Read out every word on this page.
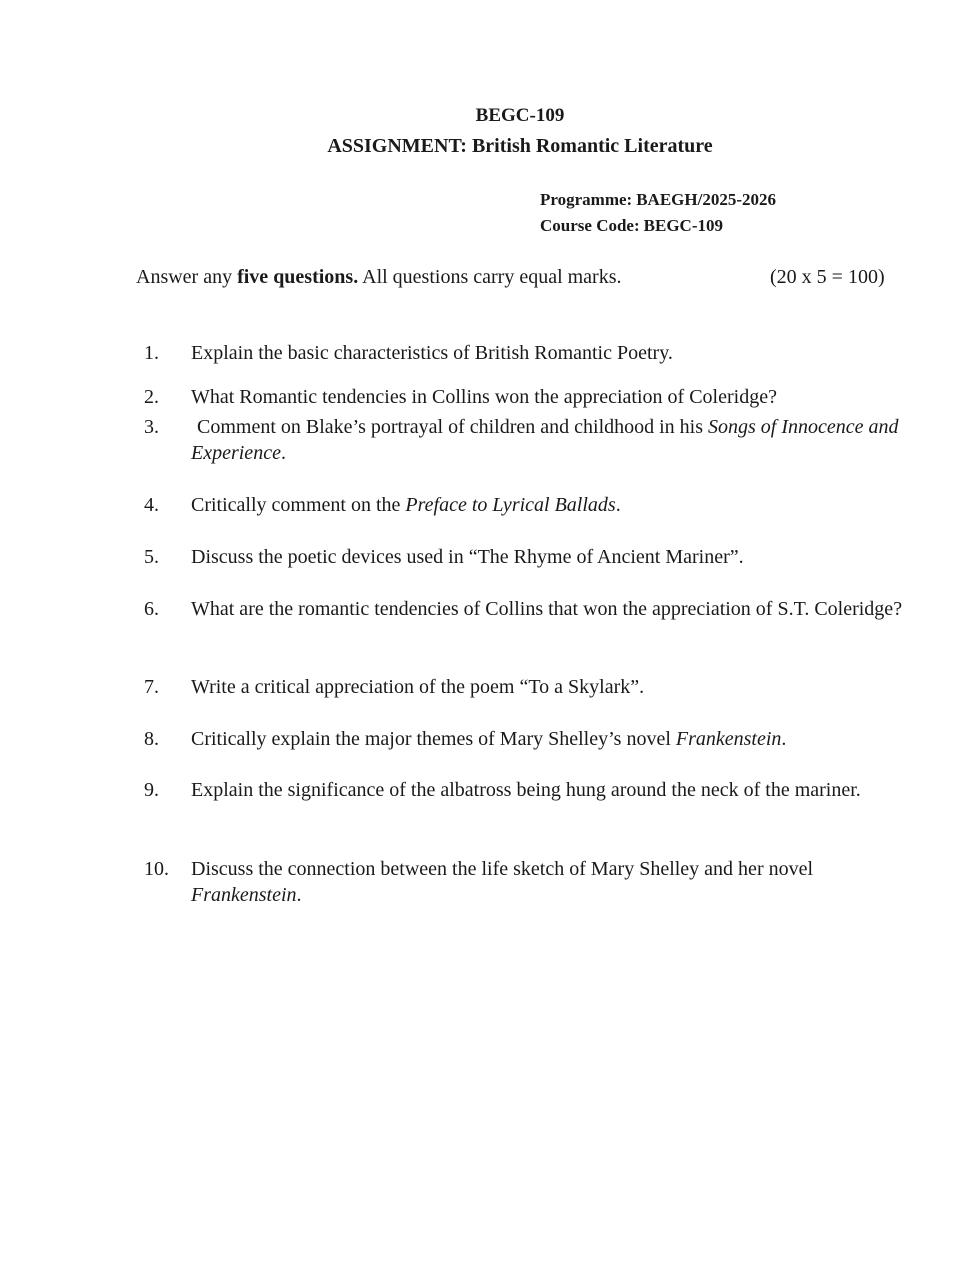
BEGC-109
ASSIGNMENT: British Romantic Literature
Programme: BAEGH/2025-2026
Course Code: BEGC-109
Answer any five questions. All questions carry equal marks.	(20 x 5 = 100)
1.	Explain the basic characteristics of British Romantic Poetry.
2.	What Romantic tendencies in Collins won the appreciation of Coleridge?
3.	Comment on Blake’s portrayal of children and childhood in his Songs of Innocence and Experience.
4.	Critically comment on the Preface to Lyrical Ballads.
5.	Discuss the poetic devices used in “The Rhyme of Ancient Mariner”.
6.	What are the romantic tendencies of Collins that won the appreciation of S.T. Coleridge?
7.	Write a critical appreciation of the poem “To a Skylark”.
8.	Critically explain the major themes of Mary Shelley’s novel Frankenstein.
9.	Explain the significance of the albatross being hung around the neck of the mariner.
10.	Discuss the connection between the life sketch of Mary Shelley and her novel Frankenstein.
